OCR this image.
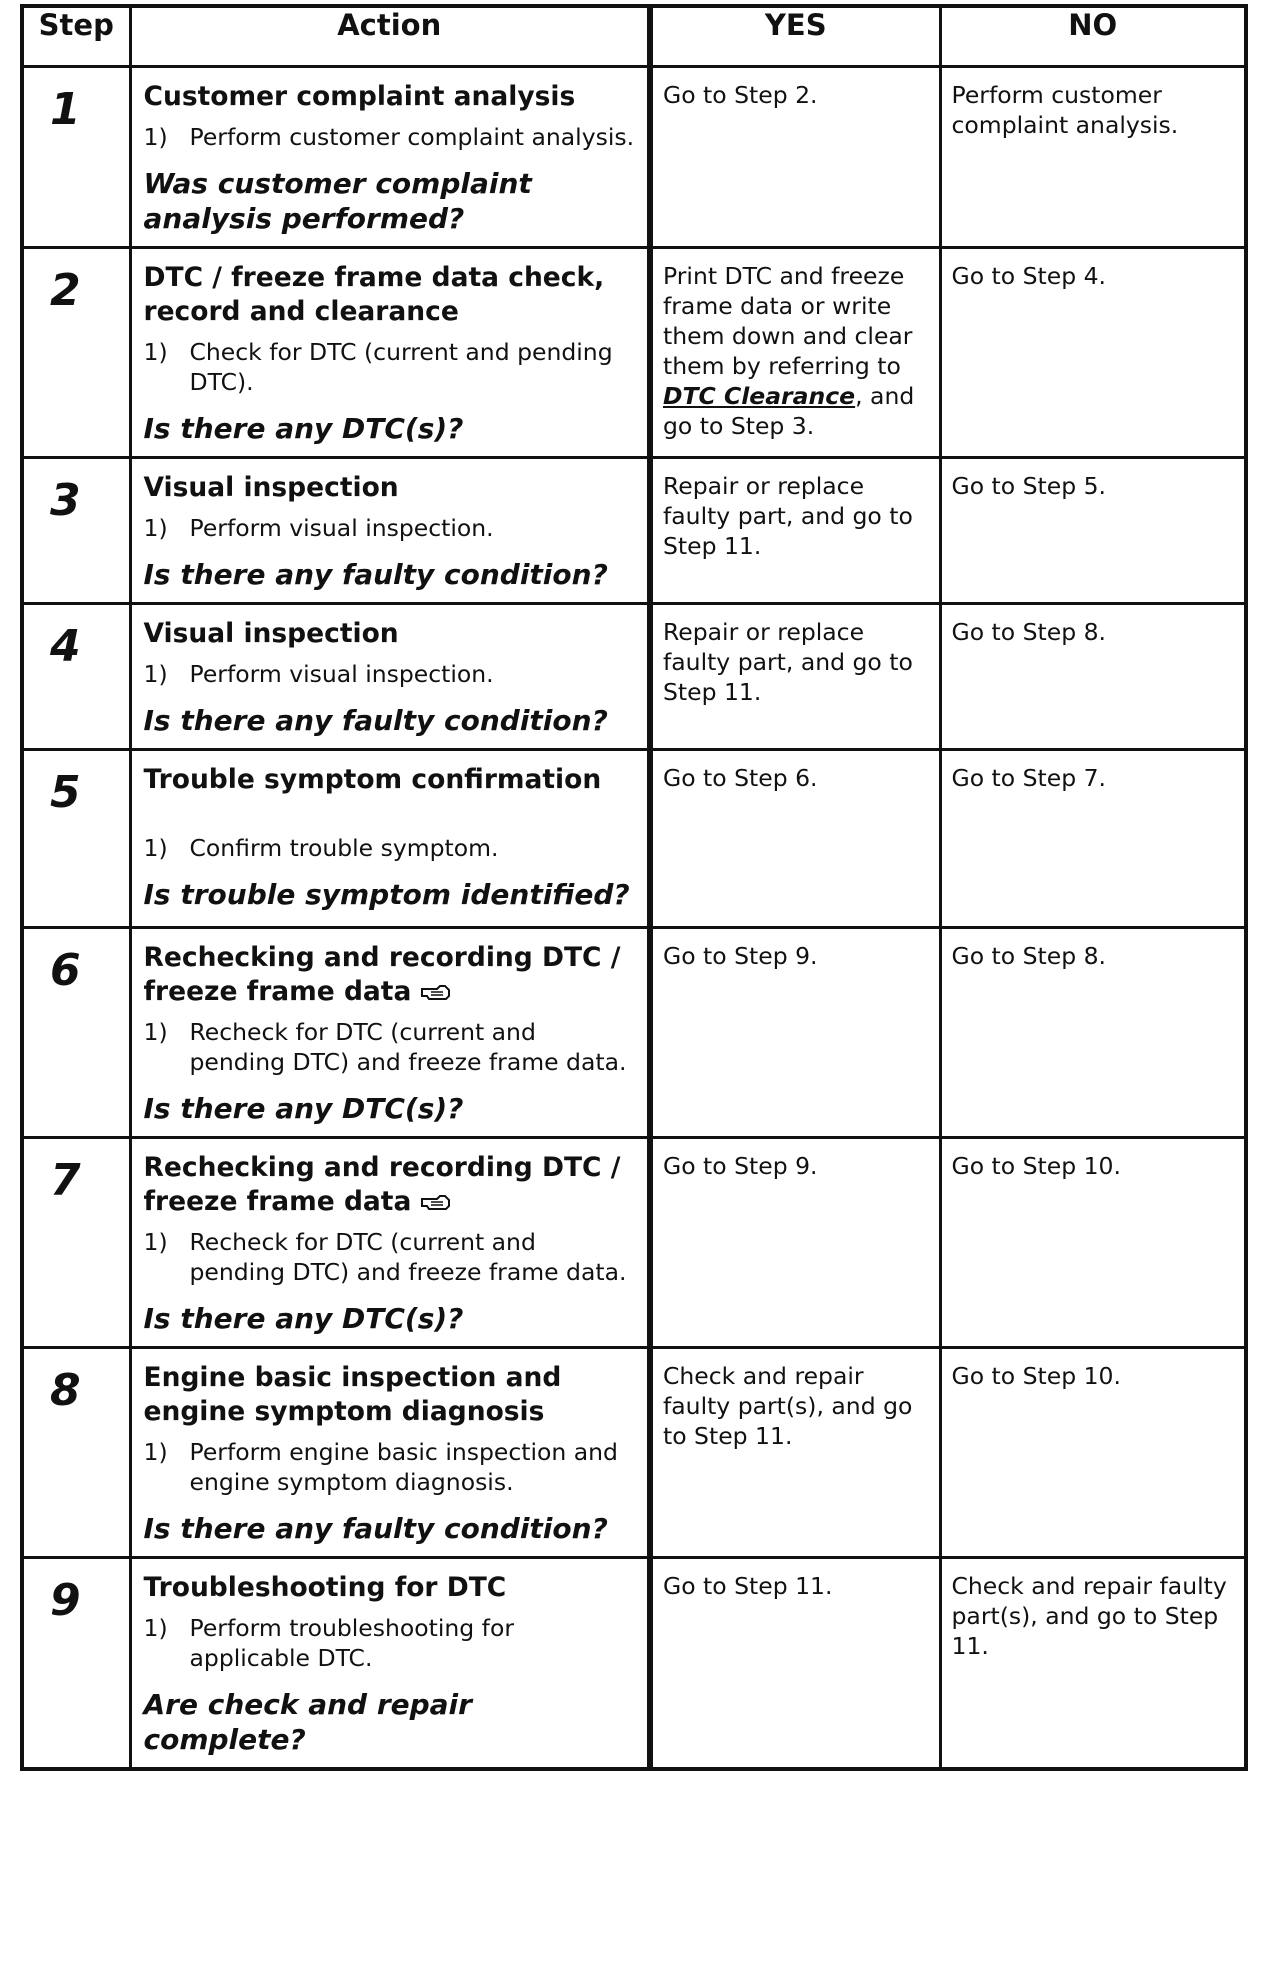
Step	Action	YES	NO

1	Customer complaint analysis
1) Perform customer complaint analysis.
Was customer complaint analysis performed?	Go to Step 2.	Perform customer complaint analysis.

2	DTC / freeze frame data check, record and clearance
1) Check for DTC (current and pending DTC).
Is there any DTC(s)?	Print DTC and freeze frame data or write them down and clear them by referring to DTC Clearance, and go to Step 3.	Go to Step 4.

3	Visual inspection
1) Perform visual inspection.
Is there any faulty condition?	Repair or replace faulty part, and go to Step 11.	Go to Step 5.

4	Visual inspection
1) Perform visual inspection.
Is there any faulty condition?	Repair or replace faulty part, and go to Step 11.	Go to Step 8.

5	Trouble symptom confirmation
1) Confirm trouble symptom.
Is trouble symptom identified?	Go to Step 6.	Go to Step 7.

6	Rechecking and recording DTC / freeze frame data
1) Recheck for DTC (current and pending DTC) and freeze frame data.
Is there any DTC(s)?	Go to Step 9.	Go to Step 8.

7	Rechecking and recording DTC / freeze frame data
1) Recheck for DTC (current and pending DTC) and freeze frame data.
Is there any DTC(s)?	Go to Step 9.	Go to Step 10.

8	Engine basic inspection and engine symptom diagnosis
1) Perform engine basic inspection and engine symptom diagnosis.
Is there any faulty condition?	Check and repair faulty part(s), and go to Step 11.	Go to Step 10.

9	Troubleshooting for DTC
1) Perform troubleshooting for applicable DTC.
Are check and repair complete?	Go to Step 11.	Check and repair faulty part(s), and go to Step 11.
